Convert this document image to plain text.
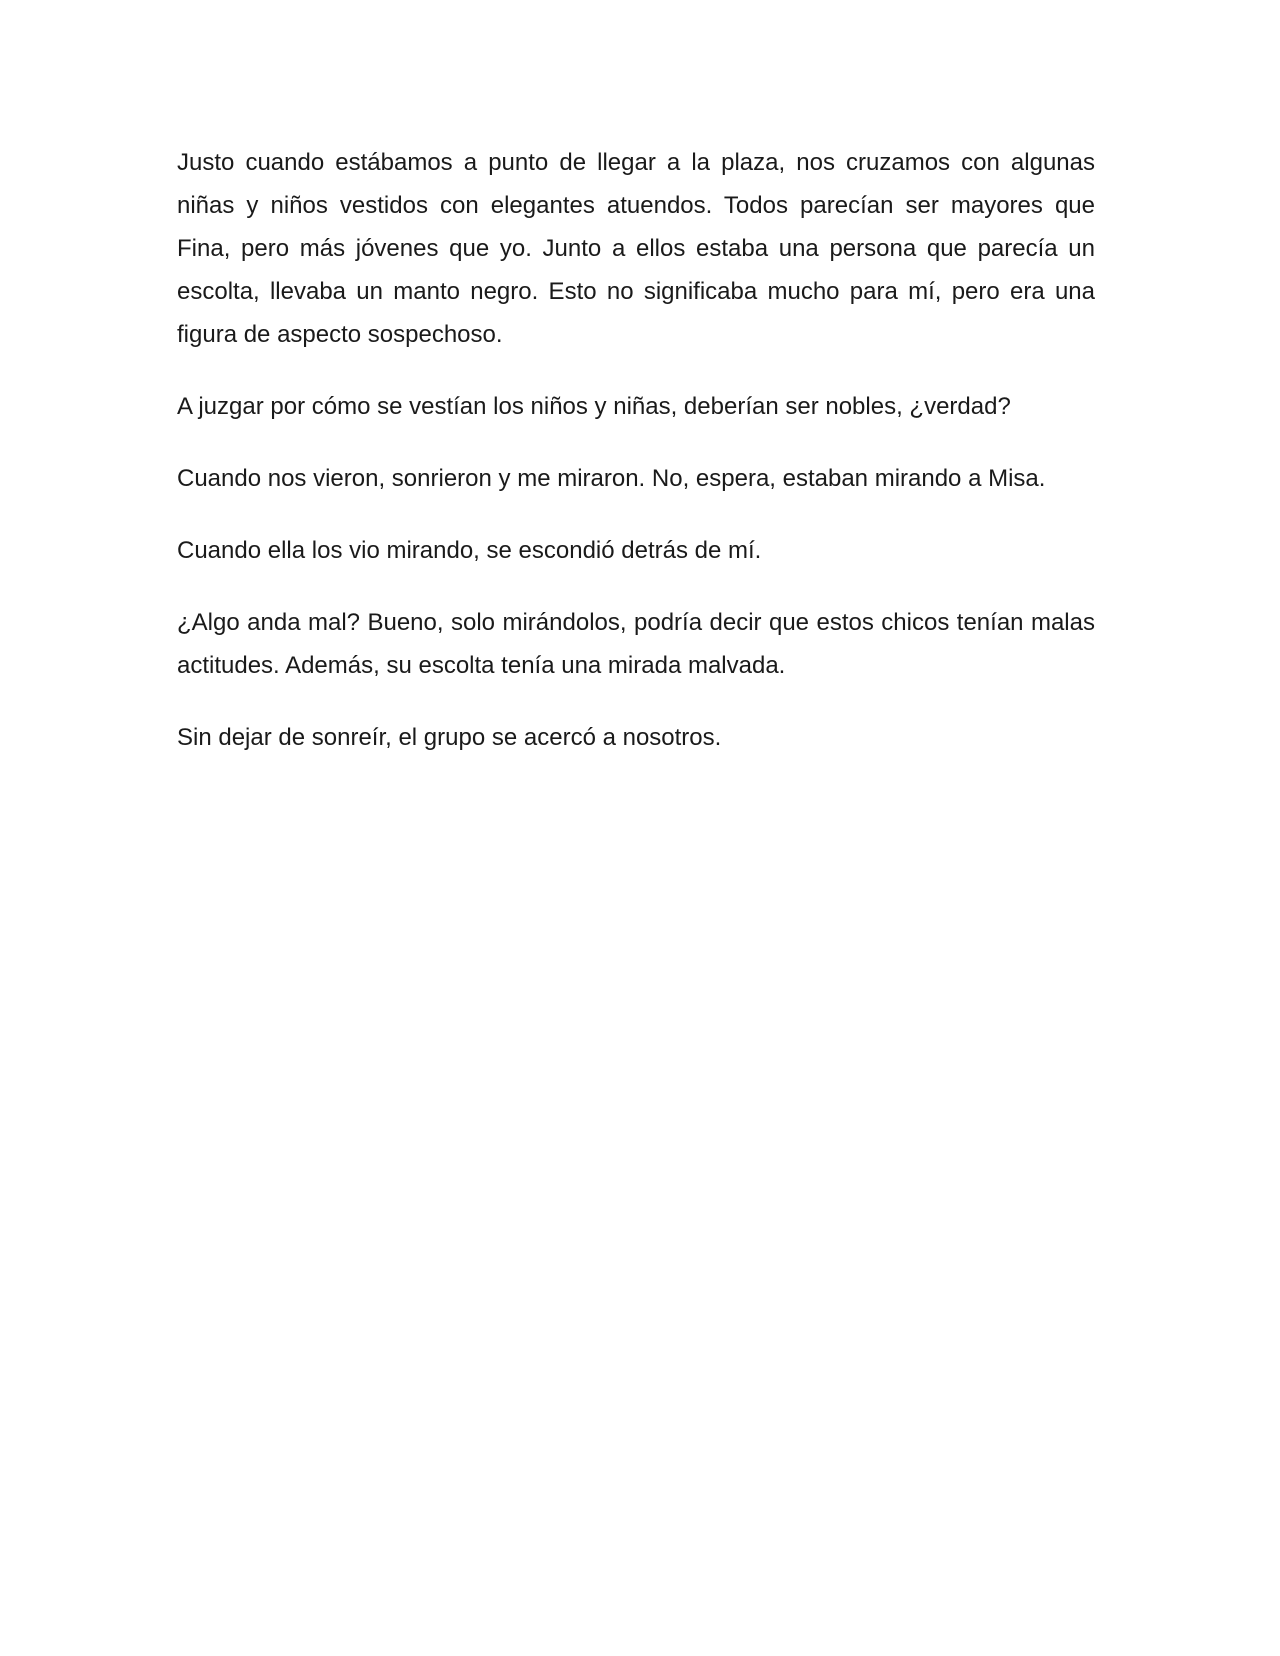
Justo cuando estábamos a punto de llegar a la plaza, nos cruzamos con algunas niñas y niños vestidos con elegantes atuendos. Todos parecían ser mayores que Fina, pero más jóvenes que yo. Junto a ellos estaba una persona que parecía un escolta, llevaba un manto negro. Esto no significaba mucho para mí, pero era una figura de aspecto sospechoso.

A juzgar por cómo se vestían los niños y niñas, deberían ser nobles, ¿verdad?

Cuando nos vieron, sonrieron y me miraron. No, espera, estaban mirando a Misa.

Cuando ella los vio mirando, se escondió detrás de mí.

¿Algo anda mal? Bueno, solo mirándolos, podría decir que estos chicos tenían malas actitudes. Además, su escolta tenía una mirada malvada.

Sin dejar de sonreír, el grupo se acercó a nosotros.
